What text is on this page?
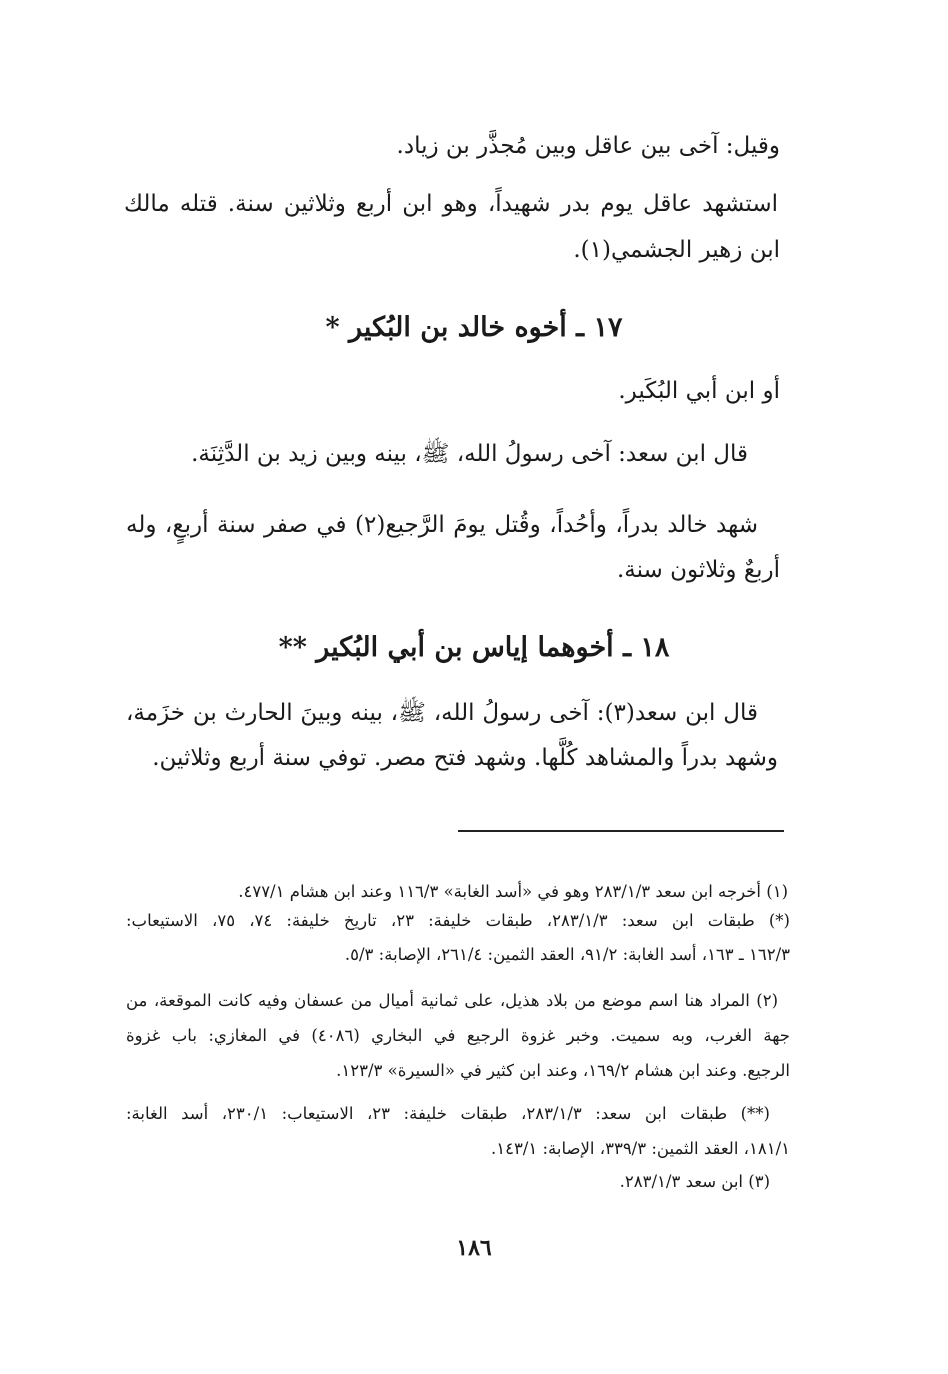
وقيل: آخى بين عاقل وبين مُجذَّر بن زياد.
استشهد عاقل يوم بدر شهيداً، وهو ابن أربع وثلاثين سنة. قتله مالك
ابن زهير الجشمي(١).
١٧ ـ أخوه خالد بن البُكير *
أو ابن أبي البُكَير.
قال ابن سعد: آخى رسولُ الله، ﷺ، بينه وبين زيد بن الدَّثِنَة.
شهد خالد بدراً، وأحُداً، وقُتل يومَ الرَّجيع(٢) في صفر سنة أربعٍ، وله
أربعٌ وثلاثون سنة.
١٨ ـ أخوهما إياس بن أبي البُكير **
قال ابن سعد(٣): آخى رسولُ الله، ﷺ، بينه وبينَ الحارث بن خزَمة،
وشهد بدراً والمشاهد كُلَّها. وشهد فتح مصر. توفي سنة أربع وثلاثين.
(١) أخرجه ابن سعد ٢٨٣/١/٣ وهو في «أسد الغابة» ١١٦/٣ وعند ابن هشام ٤٧٧/١.
(*) طبقات ابن سعد: ٢٨٣/١/٣، طبقات خليفة: ٢٣، تاريخ خليفة: ٧٤، ٧٥، الاستيعاب:
١٦٢/٣ ـ ١٦٣، أسد الغابة: ٩١/٢، العقد الثمين: ٢٦١/٤، الإصابة: ٥/٣.
(٢) المراد هنا اسم موضع من بلاد هذيل، على ثمانية أميال من عسفان وفيه كانت الموقعة، من
جهة الغرب، وبه سميت. وخبر غزوة الرجيع في البخاري (٤٠٨٦) في المغازي: باب غزوة
الرجيع. وعند ابن هشام ١٦٩/٢، وعند ابن كثير في «السيرة» ١٢٣/٣.
(**) طبقات ابن سعد: ٢٨٣/١/٣، طبقات خليفة: ٢٣، الاستيعاب: ٢٣٠/١، أسد الغابة:
١٨١/١، العقد الثمين: ٣٣٩/٣، الإصابة: ١٤٣/١.
(٣) ابن سعد ٢٨٣/١/٣.
١٨٦
